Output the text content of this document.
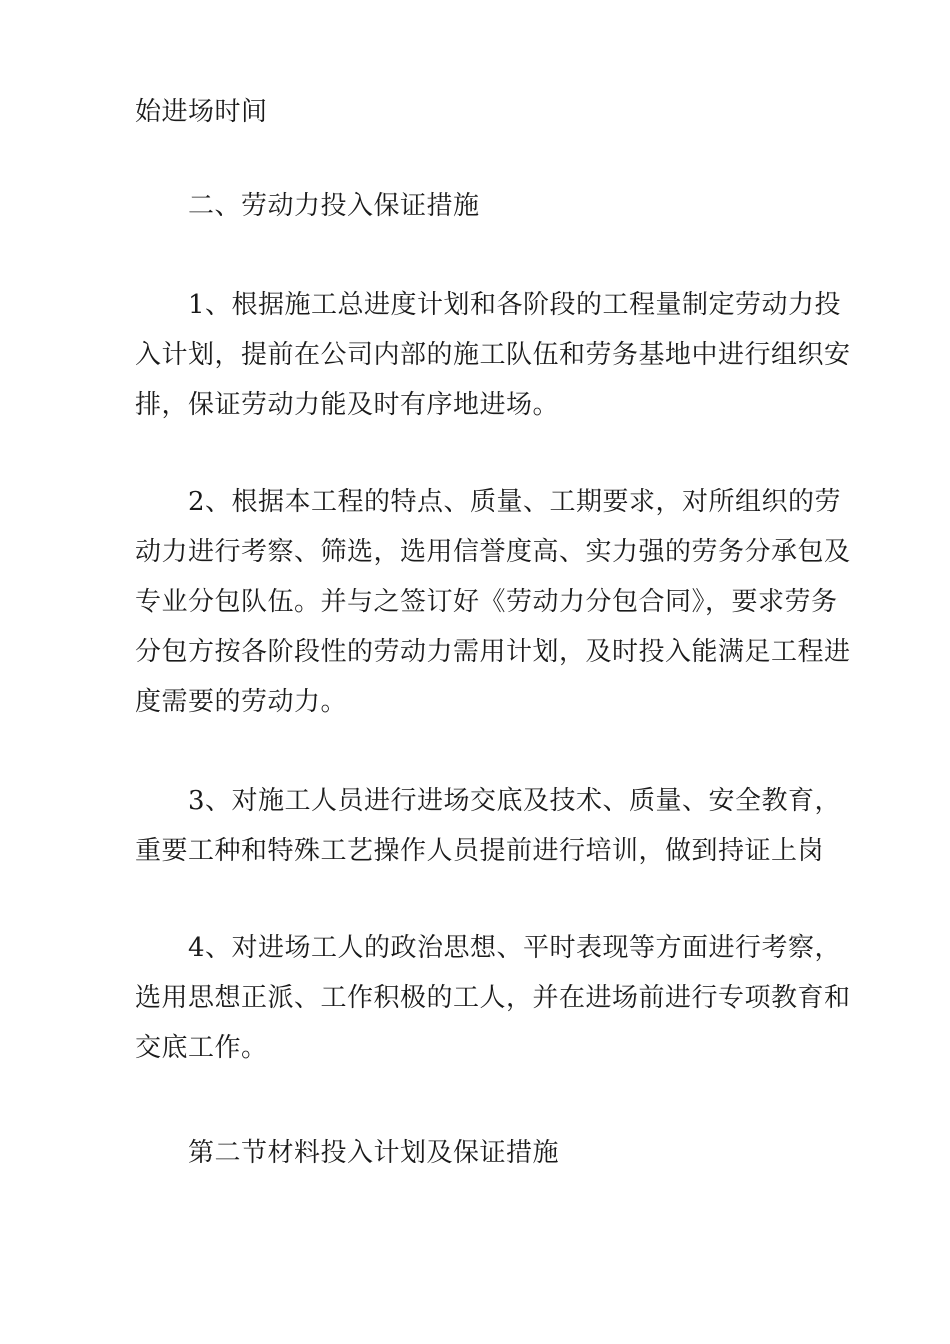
始进场时间
二、劳动力投入保证措施
1、根据施工总进度计划和各阶段的工程量制定劳动力投
入计划，提前在公司内部的施工队伍和劳务基地中进行组织安
排，保证劳动力能及时有序地进场。
2、根据本工程的特点、质量、工期要求，对所组织的劳
动力进行考察、筛选，选用信誉度高、实力强的劳务分承包及
专业分包队伍。并与之签订好《劳动力分包合同》，要求劳务
分包方按各阶段性的劳动力需用计划，及时投入能满足工程进
度需要的劳动力。
3、对施工人员进行进场交底及技术、质量、安全教育，
重要工种和特殊工艺操作人员提前进行培训，做到持证上岗
4、对进场工人的政治思想、平时表现等方面进行考察，
选用思想正派、工作积极的工人，并在进场前进行专项教育和
交底工作。
第二节材料投入计划及保证措施
